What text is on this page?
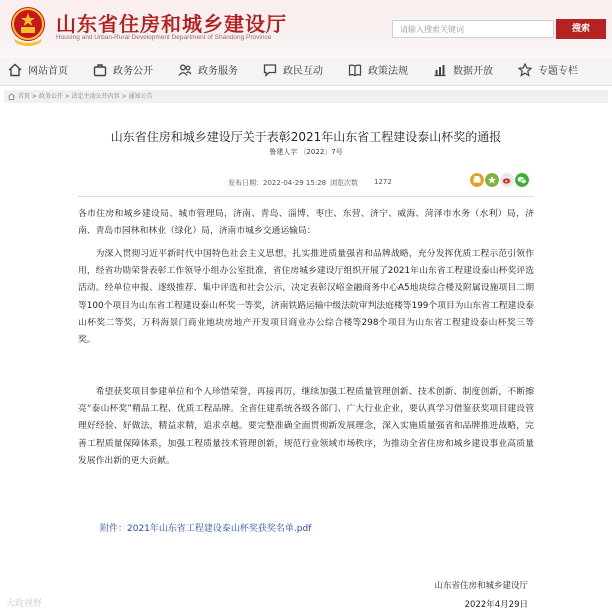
山东省住房和城乡建设厅
Housing and Urban-Rural Development Department of Shandong Province
请输入搜索关键词	搜索
网站首页	政务公开	政务服务	政民互动	政策法规	数据开放	专题专栏
首页 > 政务公开 > 法定主动公开内容 > 通知公告
山东省住房和城乡建设厅关于表彰2021年山东省工程建设泰山杯奖的通报
鲁建人字 〔2022〕7号
发布日期：2022-04-29 15:28 浏览次数 1272
各市住房和城乡建设局、城市管理局，济南、青岛、淄博、枣庄、东营、济宁、威海、菏泽市水务（水利）局，济南、青岛市园林和林业（绿化）局，济南市城乡交通运输局：
为深入贯彻习近平新时代中国特色社会主义思想，扎实推进质量强省和品牌战略，充分发挥优质工程示范引领作用，经省功勋荣誉表彰工作领导小组办公室批准，省住房城乡建设厅组织开展了2021年山东省工程建设泰山杯奖评选活动。经单位申报、逐级推荐、集中评选和社会公示，决定表彰汉峪金融商务中心A5地块综合楼及附属设施项目二期等100个项目为山东省工程建设泰山杯奖一等奖，济南铁路运输中级法院审判法庭楼等199个项目为山东省工程建设泰山杯奖二等奖，万科海景门商业地块房地产开发项目商业办公综合楼等298个项目为山东省工程建设泰山杯奖三等奖。
希望获奖项目参建单位和个人珍惜荣誉，再接再厉，继续加强工程质量管理创新、技术创新、制度创新，不断擦亮“泰山杯奖”精品工程、优质工程品牌。全省住建系统各级各部门、广大行业企业，要认真学习借鉴获奖项目建设管理好经验、好做法，精益求精，追求卓越。要完整准确全面贯彻新发展理念，深入实施质量强省和品牌推进战略，完善工程质量保障体系，加强工程质量技术管理创新，规范行业领域市场秩序，为推动全省住房和城乡建设事业高质量发展作出新的更大贡献。
附件：2021年山东省工程建设泰山杯奖获奖名单.pdf
大政视野
山东省住房和城乡建设厅
2022年4月29日
